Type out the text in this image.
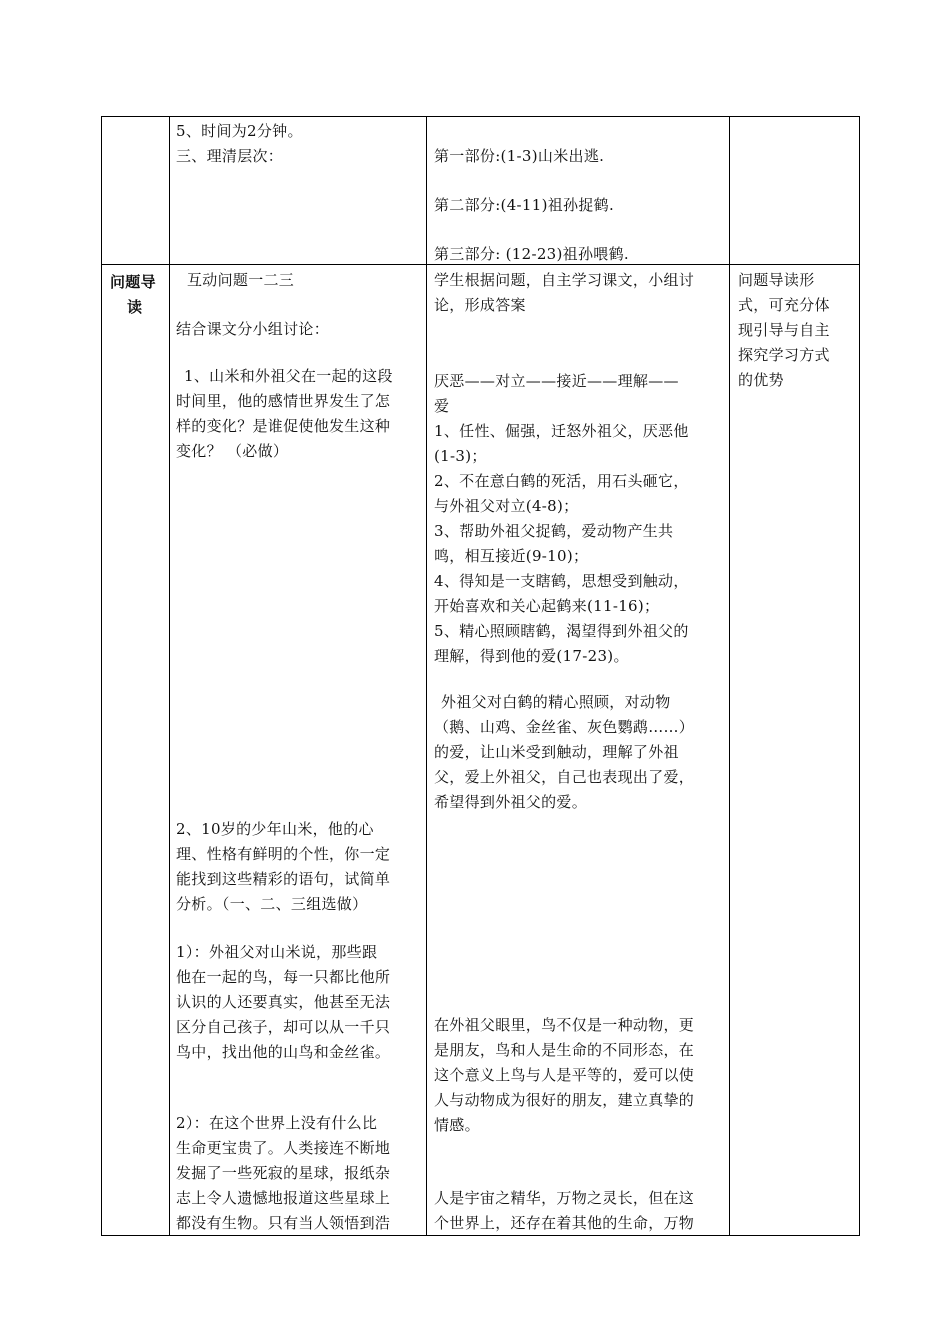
5、时间为2分钟。
三、理清层次：	第一部份:(1-3)山米出逃.
第二部分:(4-11)祖孙捉鹤.
第三部分: (12-23)祖孙喂鹤.
问题导
读
互动问题一二三
结合课文分小组讨论：
1、山米和外祖父在一起的这段
时间里，他的感情世界发生了怎
样的变化？是谁促使他发生这种
变化？ （必做）
2、10岁的少年山米，他的心
理、性格有鲜明的个性，你一定
能找到这些精彩的语句，试简单
分析。（一、二、三组选做）
1）：外祖父对山米说，那些跟
他在一起的鸟，每一只都比他所
认识的人还要真实，他甚至无法
区分自己孩子，却可以从一千只
鸟中，找出他的山鸟和金丝雀。
2）：在这个世界上没有什么比
生命更宝贵了。人类接连不断地
发掘了一些死寂的星球，报纸杂
志上令人遗憾地报道这些星球上
都没有生物。只有当人领悟到浩
学生根据问题，自主学习课文，小组讨
论，形成答案
厌恶——对立——接近——理解——
爱
1、任性、倔强，迁怒外祖父，厌恶他
(1-3)；
2、不在意白鹤的死活，用石头砸它，
与外祖父对立(4-8)；
3、帮助外祖父捉鹤，爱动物产生共
鸣，相互接近(9-10)；
4、得知是一支瞎鹤，思想受到触动，
开始喜欢和关心起鹤来(11-16)；
5、精心照顾瞎鹤，渴望得到外祖父的
理解，得到他的爱(17-23)。
外祖父对白鹤的精心照顾，对动物
（鹅、山鸡、金丝雀、灰色鹦鹉……）
的爱，让山米受到触动，理解了外祖
父，爱上外祖父，自己也表现出了爱，
希望得到外祖父的爱。
在外祖父眼里，鸟不仅是一种动物，更
是朋友，鸟和人是生命的不同形态，在
这个意义上鸟与人是平等的，爱可以使
人与动物成为很好的朋友，建立真挚的
情感。
人是宇宙之精华，万物之灵长，但在这
个世界上，还存在着其他的生命，万物
问题导读形
式，可充分体
现引导与自主
探究学习方式
的优势
